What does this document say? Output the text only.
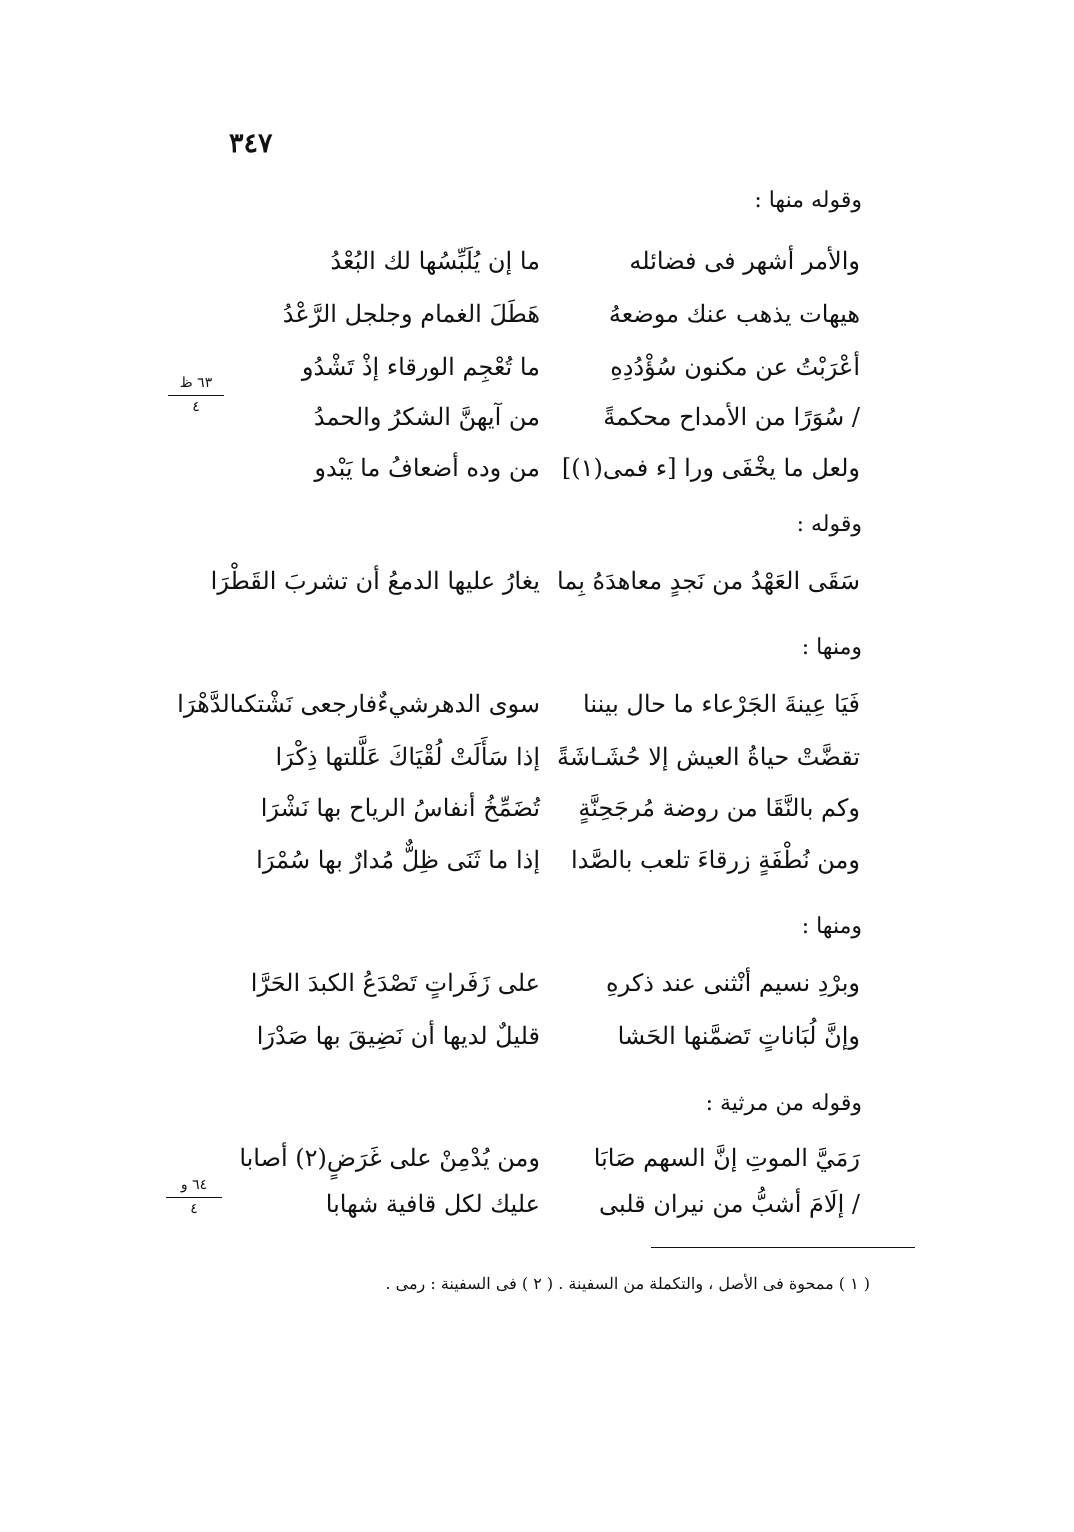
٣٤٧
وقوله منها :
والأمر أشهر فى فضائله
ما إن يُلَبِّسُها لك البُعْدُ
هيهات يذهب عنك موضعهُ
هَطَلَ الغمام وجلجل الرَّعْدُ
أعْرَبْتُ عن مكنون سُؤْدُدِهِ
ما تُعْجِم الورقاء إذْ تَشْدُو
/ سُوَرًا من الأمداح محكمةً
من آيهنَّ الشكرُ والحمدُ
ولعل ما يخْفَى ورا [ء فمى(١)]
من وده أضعافُ ما يَبْدو
وقوله :
سَقَى العَهْدُ من نَجدٍ معاهدَهُ بِما
يغارُ عليها الدمعُ أن تشربَ القَطْرَا
ومنها :
فَيَا عِينةَ الجَرْعاء ما حال بيننا
سوى الدهرشيءٌفارجعى نَشْتكىالدَّهْرَا
تقضَّتْ حياةُ العيش إلا حُشَـاشَةً
إذا سَأَلَتْ لُقْيَاكَ عَلَّلتها ذِكْرَا
وكم بالنَّقَا من روضة مُرجَحِنَّةٍ
تُضَمِّخُ أنفاسُ الرياح بها نَشْرَا
ومن نُطْفَةٍ زرقاءَ تلعب بالصَّدا
إذا ما ثَنَى ظِلٌّ مُدارٌ بها سُمْرَا
ومنها :
وبرْدِ نسيم أنْثنى عند ذكرهِ
على زَفَراتٍ تَصْدَعُ الكبدَ الحَرَّا
وإنَّ لُبَاناتٍ تَضمَّنها الحَشا
قليلٌ لديها أن نَضِيقَ بها صَدْرَا
وقوله من مرثية :
رَمَيَّ الموتِ إنَّ السهم صَابَا
ومن يُدْمِنْ على غَرَضٍ(٢) أصابا
/ إلَامَ أشبُّ من نيران قلبى
عليك لكل قافية شهابا
٦٣ ظ
٤
٦٤ و
٤
( ١ ) ممحوة فى الأصل ، والتكملة من السفينة . ( ٢ ) فى السفينة : رمى .
